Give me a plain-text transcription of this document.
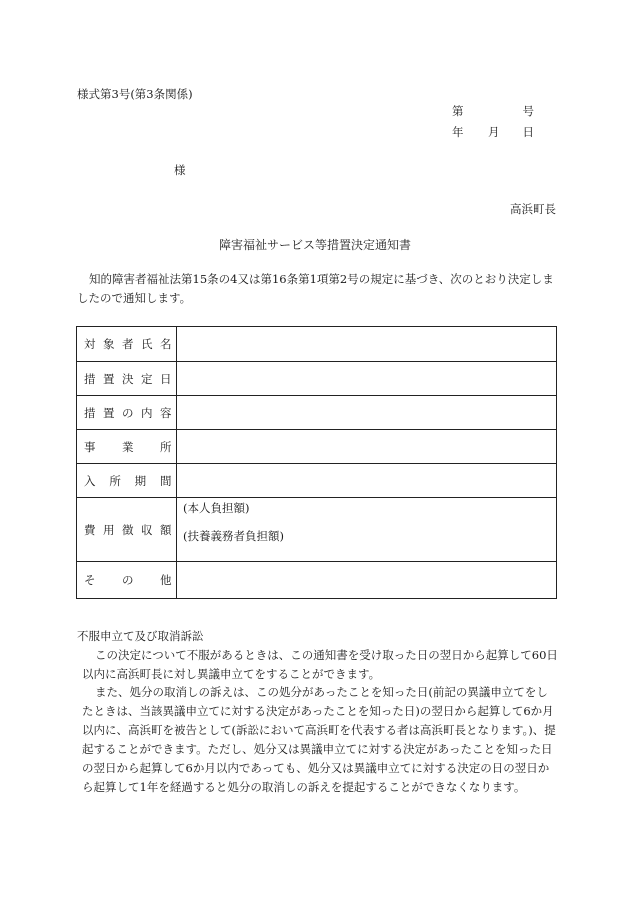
様式第3号(第3条関係)
第	号
年 月 日
様
高浜町長
障害福祉サービス等措置決定通知書
知的障害者福祉法第15条の4又は第16条第1項第2号の規定に基づき、次のとおり決定しましたので通知します。
対象者氏名	

措置決定日	

措置の内容	

事業所	

入所期間	

費用徴収額	(本人負担額)
(扶養義務者負担額)

その他	

不服申立て及び取消訴訟
この決定について不服があるときは、この通知書を受け取った日の翌日から起算して60日以内に高浜町長に対し異議申立てをすることができます。
また、処分の取消しの訴えは、この処分があったことを知った日(前記の異議申立てをしたときは、当該異議申立てに対する決定があったことを知った日)の翌日から起算して6か月以内に、高浜町を被告として(訴訟において高浜町を代表する者は高浜町長となります。)、提起することができます。ただし、処分又は異議申立てに対する決定があったことを知った日の翌日から起算して6か月以内であっても、処分又は異議申立てに対する決定の日の翌日から起算して1年を経過すると処分の取消しの訴えを提起することができなくなります。
